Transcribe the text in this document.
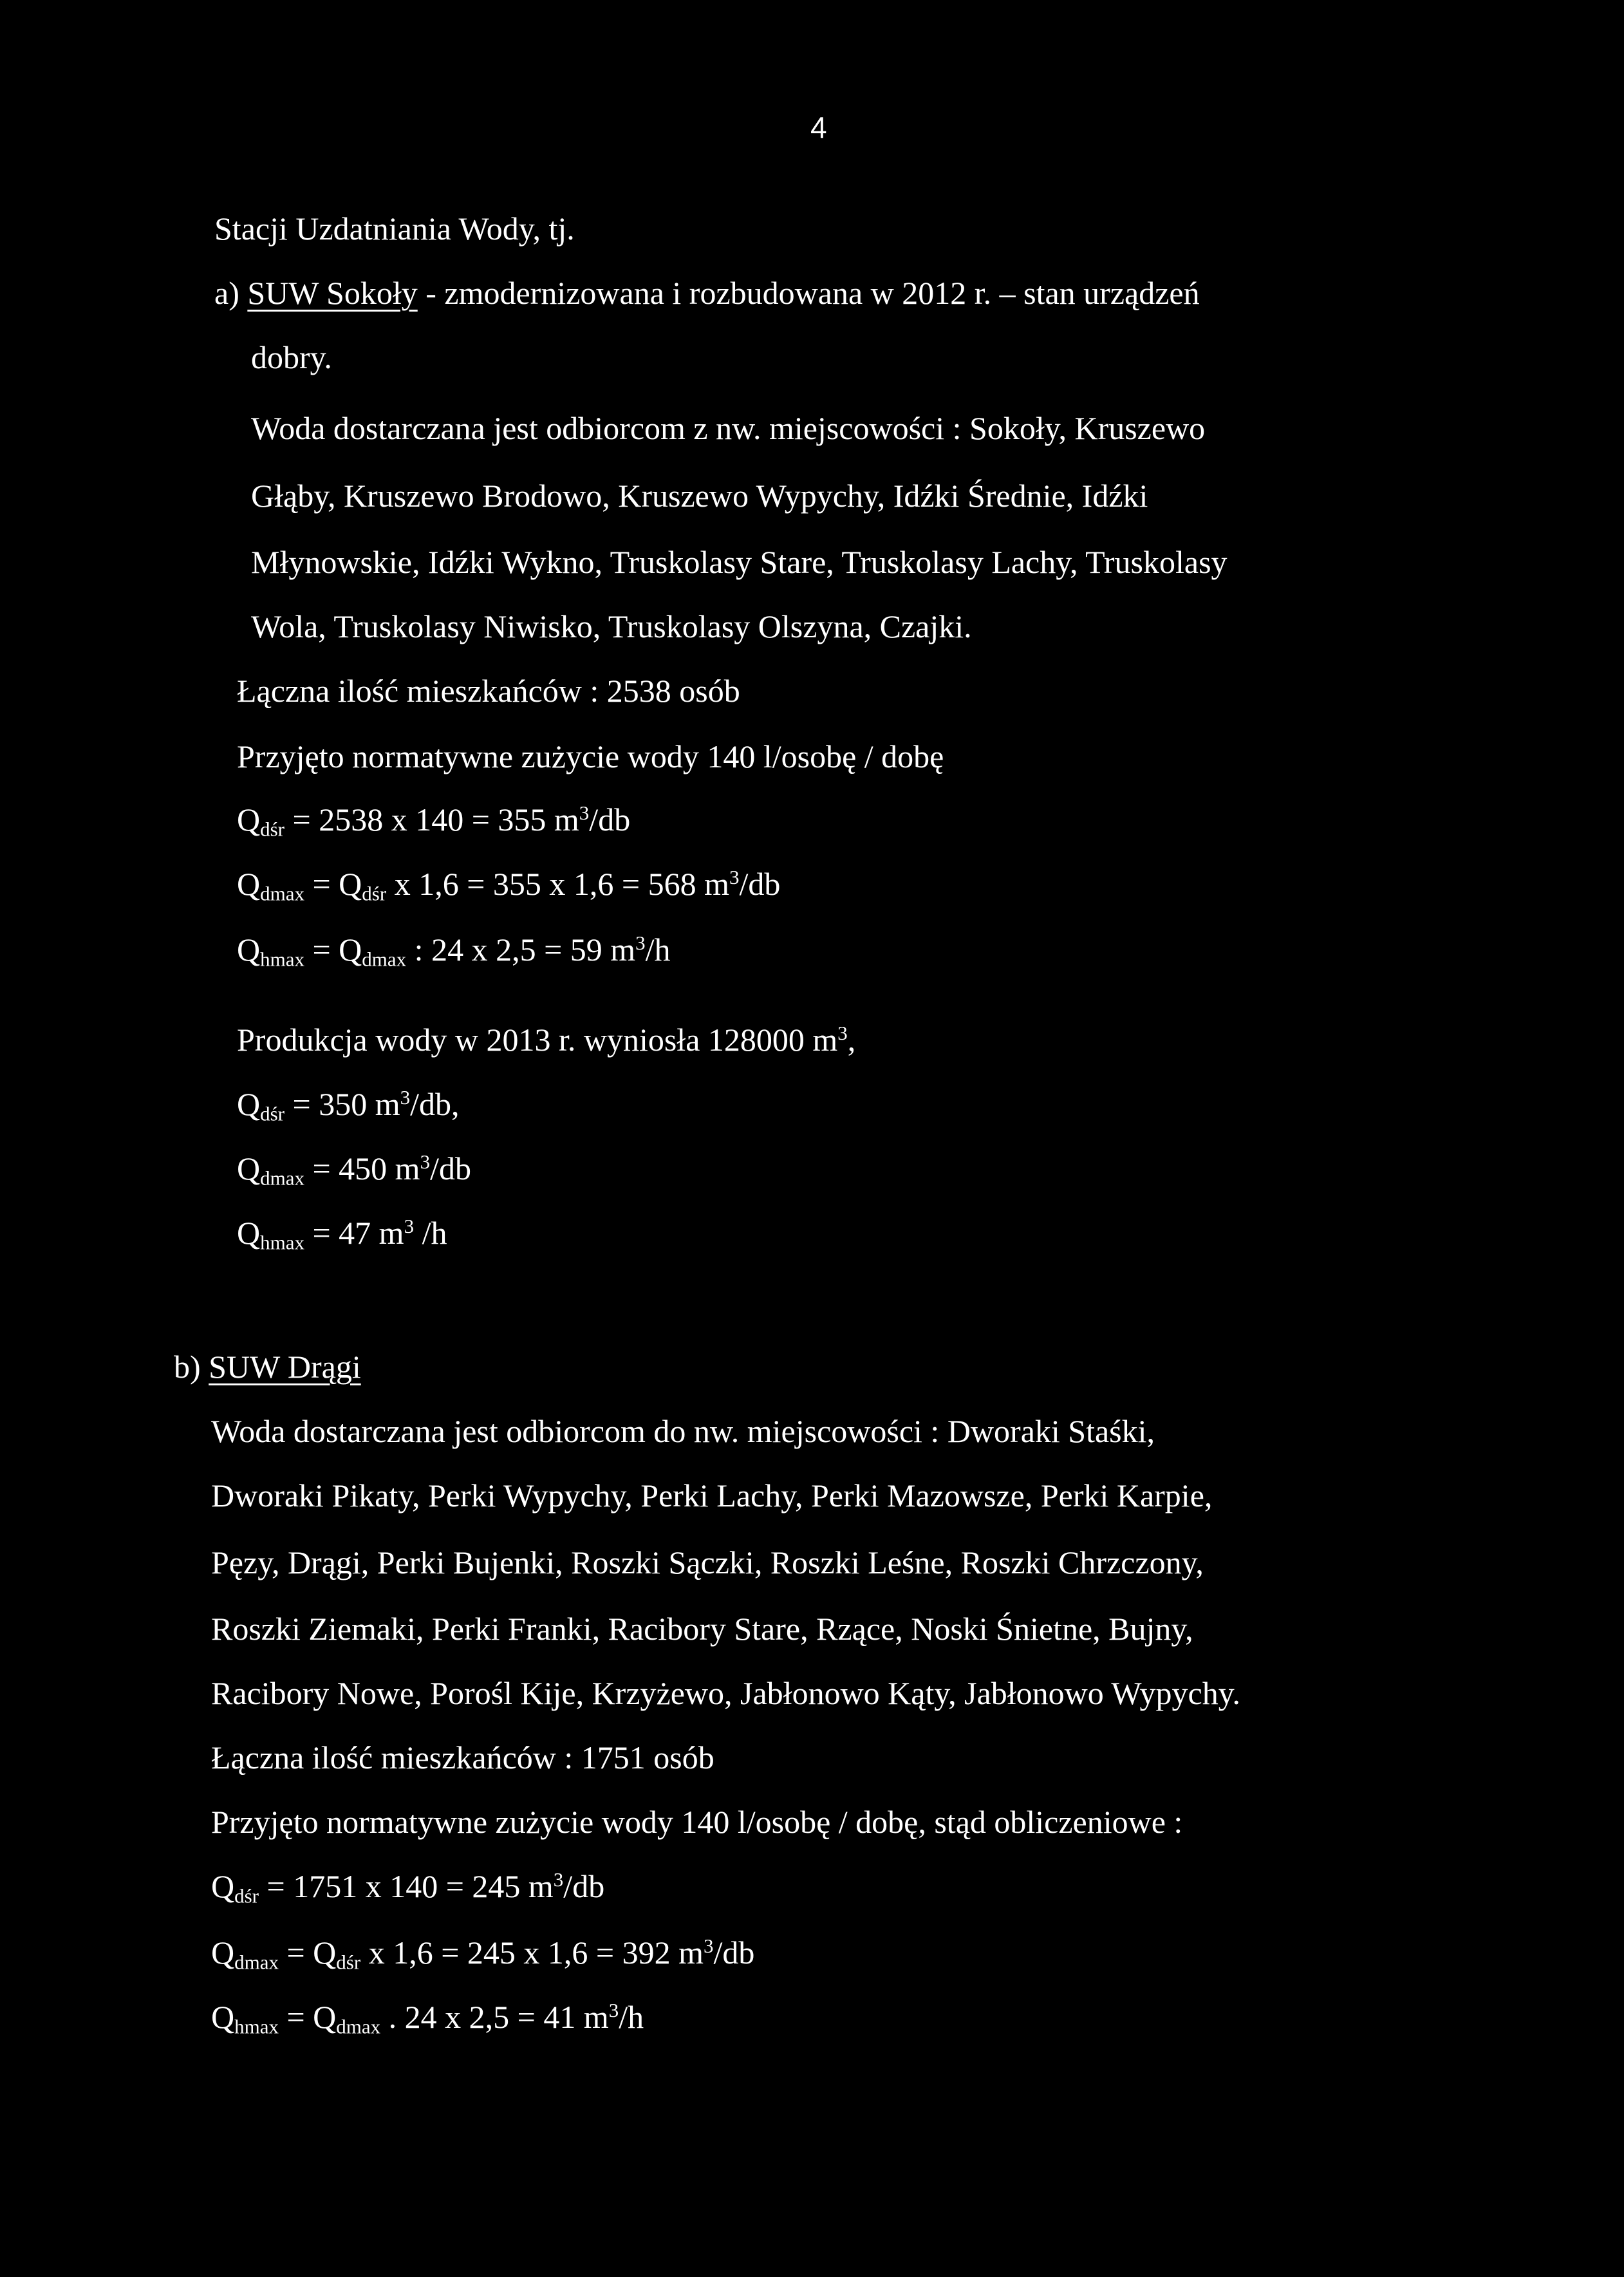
4
Stacji Uzdatniania Wody, tj.
a) SUW Sokoły - zmodernizowana i rozbudowana w 2012 r. – stan urządzeń
dobry.
Woda dostarczana jest odbiorcom z nw. miejscowości : Sokoły, Kruszewo
Głąby, Kruszewo Brodowo, Kruszewo Wypychy, Idźki Średnie, Idźki
Młynowskie, Idźki Wykno, Truskolasy Stare, Truskolasy Lachy, Truskolasy
Wola, Truskolasy Niwisko, Truskolasy Olszyna, Czajki.
Łączna ilość mieszkańców : 2538 osób
Przyjęto normatywne zużycie wody 140 l/osobę / dobę
$Q_{dśr} = 2538$ x 140 = 355 $m^3/db$
$Q_{dmax} = Q_{dśr}$ x 1,6 = 355 x 1,6 = 568 $m^3/db$
$Q_{hmax} = Q_{dmax}$ : 24 x 2,5 = 59 $m^3/h$
Produkcja wody w 2013 r. wyniosła 128000 $m^3$,
$Q_{dśr} = 350$ $m^3/db$,
$Q_{dmax} = 450$ $m^3/db$
$Q_{hmax} = 47$ $m^3$ /h
b) SUW Drągi
Woda dostarczana jest odbiorcom do nw. miejscowości : Dworaki Staśki,
Dworaki Pikaty, Perki Wypychy, Perki Lachy, Perki Mazowsze, Perki Karpie,
Pęzy, Drągi, Perki Bujenki, Roszki Sączki, Roszki Leśne, Roszki Chrzczony,
Roszki Ziemaki, Perki Franki, Racibory Stare, Rzące, Noski Śnietne, Bujny,
Racibory Nowe, Porośl Kije, Krzyżewo, Jabłonowo Kąty, Jabłonowo Wypychy.
Łączna ilość mieszkańców : 1751 osób
Przyjęto normatywne zużycie wody 140 l/osobę / dobę, stąd obliczeniowe :
$Q_{dśr} = 1751$ x 140 = 245 $m^3/db$
$Q_{dmax} = Q_{dśr}$ x 1,6 = 245 x 1,6 = 392 $m^3/db$
$Q_{hmax} = Q_{dmax}$ . 24 x 2,5 = 41 $m^3/h$
